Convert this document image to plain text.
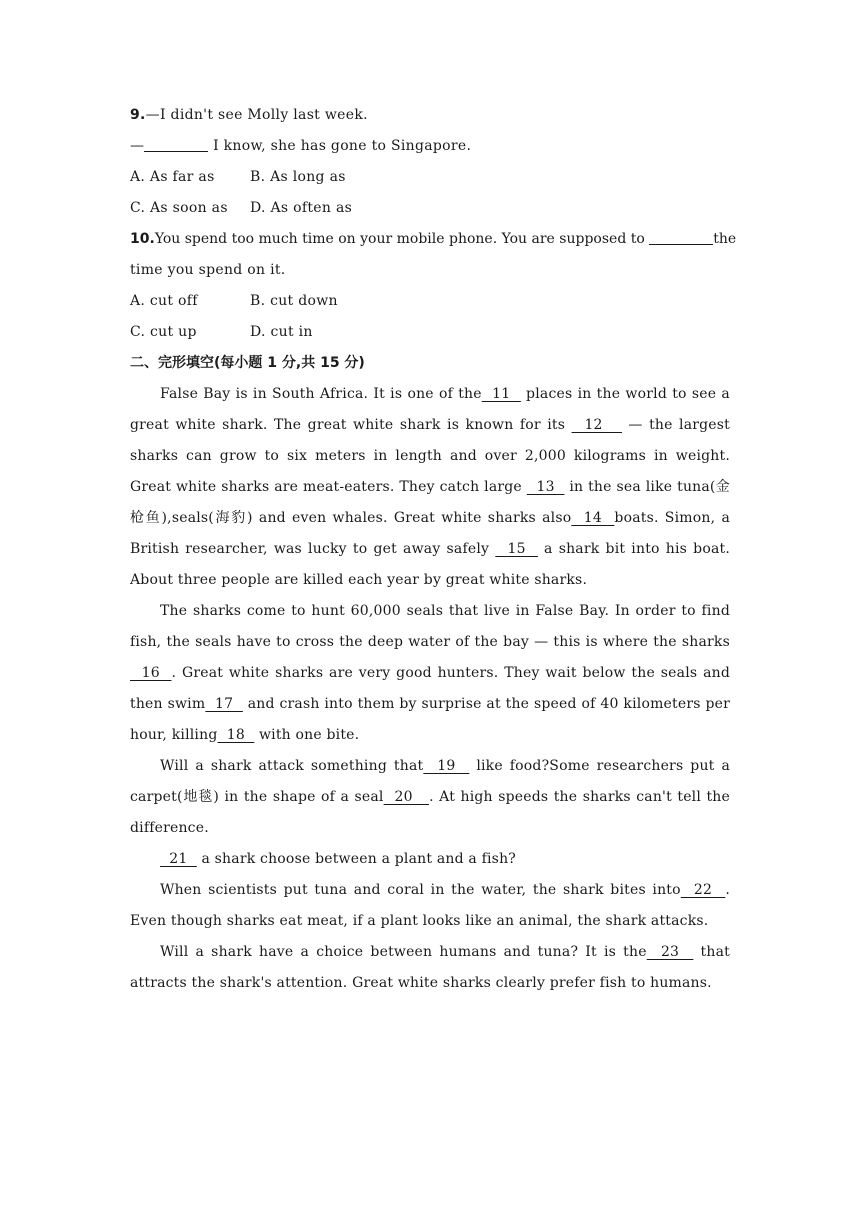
9.—I didn't see Molly last week.
—	I know, she has gone to Singapore.
A. As far as	B. As long as
C. As soon as D. As often as
10.You spend too much time on your mobile phone. You are supposed to	the
time you spend on it.
A. cut off	B. cut down
C. cut up	D. cut in
二、完形填空(每小题 1 分,共 15 分)
False Bay is in South Africa. It is one of the  11   places in the world to see a great white shark. The great white shark is known for its   12    — the largest sharks can grow to six meters in length and over 2,000 kilograms in weight. Great white sharks are meat-eaters. They catch large   13   in the sea like tuna(金枪鱼),seals(海豹) and even whales. Great white sharks also  14  boats. Simon, a British researcher, was lucky to get away safely   15   a shark bit into his boat. About three people are killed each year by great white sharks.
The sharks come to hunt 60,000 seals that live in False Bay. In order to find fish, the seals have to cross the deep water of the bay — this is where the sharks  16  . Great white sharks are very good hunters. They wait below the seals and then swim  17   and crash into them by surprise at the speed of 40 kilometers per hour, killing  18   with one bite.
Will a shark attack something that  19   like food?Some researchers put a carpet(地毯) in the shape of a seal  20   . At high speeds the sharks can't tell the difference.
21   a shark choose between a plant and a fish?
When scientists put tuna and coral in the water, the shark bites into  22  . Even though sharks eat meat, if a plant looks like an animal, the shark attacks.
Will a shark have a choice between humans and tuna? It is the  23   that attracts the shark's attention. Great white sharks clearly prefer fish to humans.
